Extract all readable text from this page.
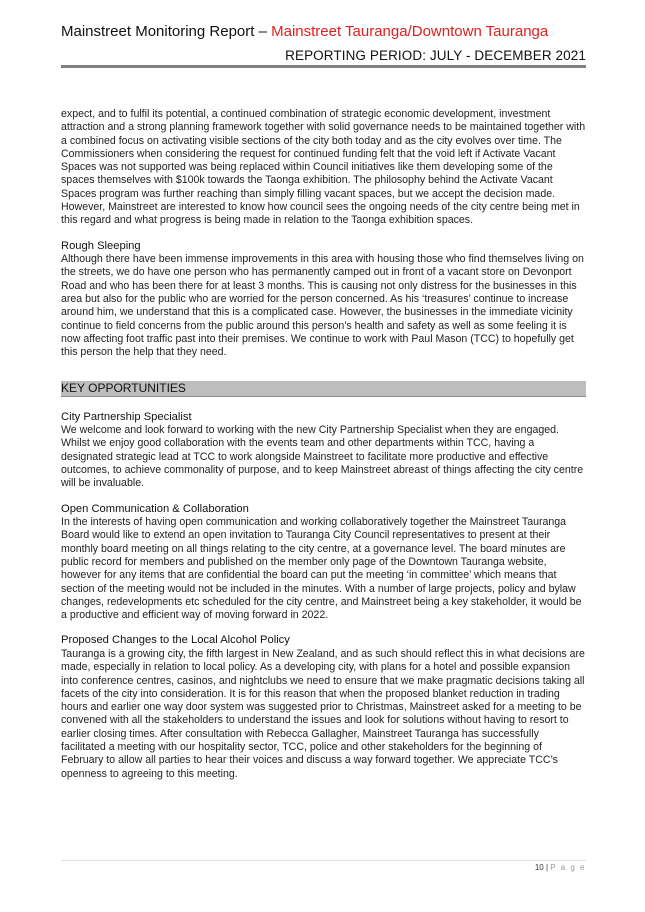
Mainstreet Monitoring Report – Mainstreet Tauranga/Downtown Tauranga
REPORTING PERIOD: JULY - DECEMBER 2021

expect, and to fulfil its potential, a continued combination of strategic economic development, investment attraction and a strong planning framework together with solid governance needs to be maintained together with a combined focus on activating visible sections of the city both today and as the city evolves over time. The Commissioners when considering the request for continued funding felt that the void left if Activate Vacant Spaces was not supported was being replaced within Council initiatives like them developing some of the spaces themselves with $100k towards the Taonga exhibition. The philosophy behind the Activate Vacant Spaces program was further reaching than simply filling vacant spaces, but we accept the decision made. However, Mainstreet are interested to know how council sees the ongoing needs of the city centre being met in this regard and what progress is being made in relation to the Taonga exhibition spaces.

Rough Sleeping

Although there have been immense improvements in this area with housing those who find themselves living on the streets, we do have one person who has permanently camped out in front of a vacant store on Devonport Road and who has been there for at least 3 months. This is causing not only distress for the businesses in this area but also for the public who are worried for the person concerned. As his ‘treasures’ continue to increase around him, we understand that this is a complicated case. However, the businesses in the immediate vicinity continue to field concerns from the public around this person’s health and safety as well as some feeling it is now affecting foot traffic past into their premises. We continue to work with Paul Mason (TCC) to hopefully get this person the help that they need.

KEY OPPORTUNITIES

City Partnership Specialist

We welcome and look forward to working with the new City Partnership Specialist when they are engaged. Whilst we enjoy good collaboration with the events team and other departments within TCC, having a designated strategic lead at TCC to work alongside Mainstreet to facilitate more productive and effective outcomes, to achieve commonality of purpose, and to keep Mainstreet abreast of things affecting the city centre will be invaluable.

Open Communication & Collaboration

In the interests of having open communication and working collaboratively together the Mainstreet Tauranga Board would like to extend an open invitation to Tauranga City Council representatives to present at their monthly board meeting on all things relating to the city centre, at a governance level. The board minutes are public record for members and published on the member only page of the Downtown Tauranga website, however for any items that are confidential the board can put the meeting ‘in committee’ which means that section of the meeting would not be included in the minutes. With a number of large projects, policy and bylaw changes, redevelopments etc scheduled for the city centre, and Mainstreet being a key stakeholder, it would be a productive and efficient way of moving forward in 2022.

Proposed Changes to the Local Alcohol Policy

Tauranga is a growing city, the fifth largest in New Zealand, and as such should reflect this in what decisions are made, especially in relation to local policy. As a developing city, with plans for a hotel and possible expansion into conference centres, casinos, and nightclubs we need to ensure that we make pragmatic decisions taking all facets of the city into consideration. It is for this reason that when the proposed blanket reduction in trading hours and earlier one way door system was suggested prior to Christmas, Mainstreet asked for a meeting to be convened with all the stakeholders to understand the issues and look for solutions without having to resort to earlier closing times. After consultation with Rebecca Gallagher, Mainstreet Tauranga has successfully facilitated a meeting with our hospitality sector, TCC, police and other stakeholders for the beginning of February to allow all parties to hear their voices and discuss a way forward together. We appreciate TCC’s openness to agreeing to this meeting.

10 | P a g e
